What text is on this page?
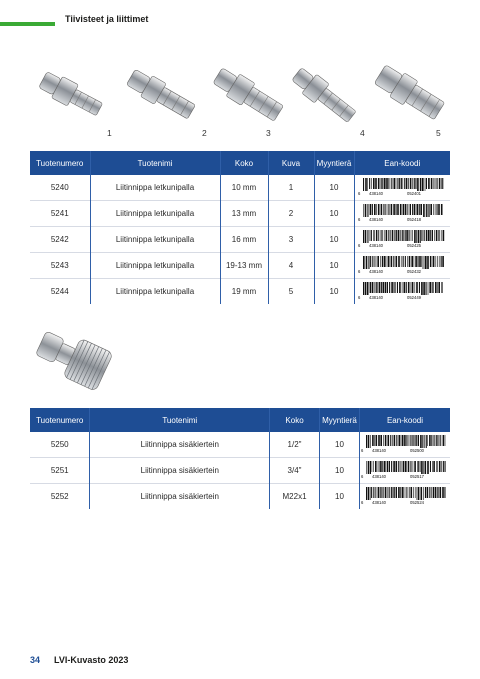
Tiivisteet ja liittimet
1	2	3	4	5
Tuotenumero	Tuotenimi	Koko	Kuva	Myyntierä	Ean-koodi
5240	Liitinnippa letkunipalla	10 mm	1	10	6 438140 052401

5241	Liitinnippa letkunipalla	13 mm	2	10	6 438140 052418

5242	Liitinnippa letkunipalla	16 mm	3	10	6 438140 052425

5243	Liitinnippa letkunipalla	19-13 mm	4	10	6 438140 052432

5244	Liitinnippa letkunipalla	19 mm	5	10	6 438140 052449
Tuotenumero	Tuotenimi	Koko	Myyntierä	Ean-koodi
5250	Liitinnippa sisäkiertein	1/2"	10	6 438140 052500

5251	Liitinnippa sisäkiertein	3/4"	10	6 438140 052517

5252	Liitinnippa sisäkiertein	M22x1	10	6 438140 052524
34 LVI-Kuvasto 2023
